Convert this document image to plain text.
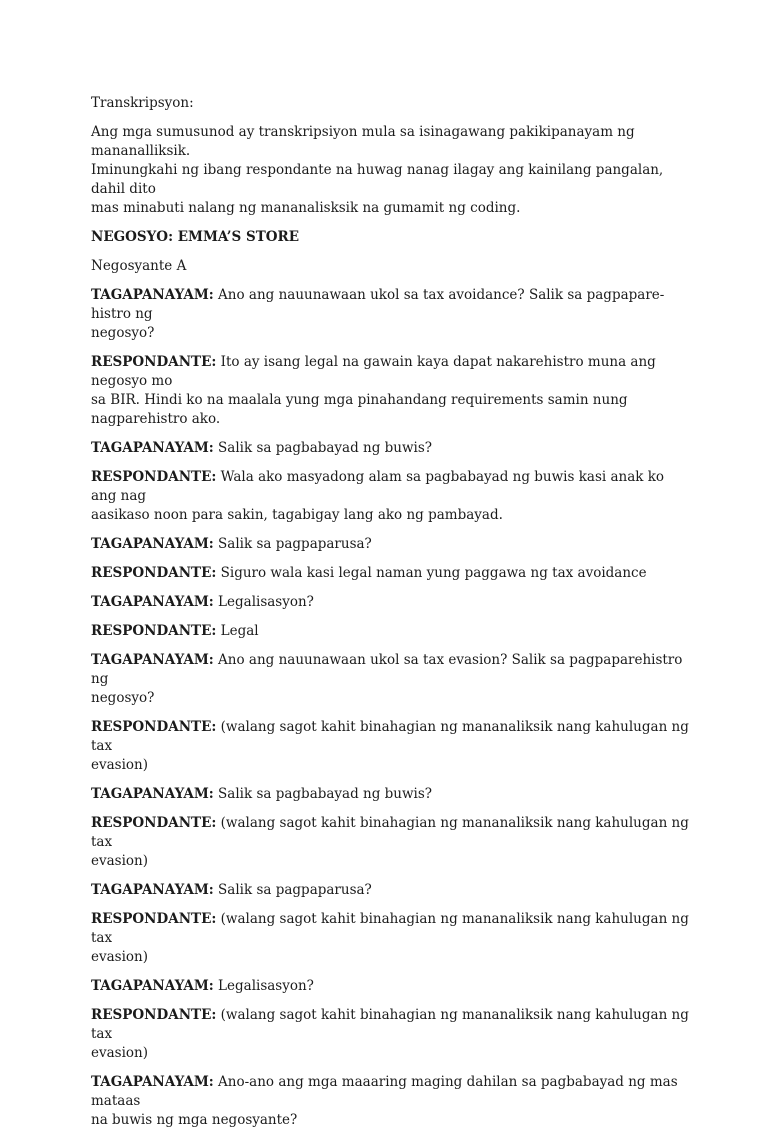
Transkripsyon:

Ang mga sumusunod ay transkripsiyon mula sa isinagawang pakikipanayam ng mananalliksik.
Iminungkahi ng ibang respondante na huwag nanag ilagay ang kainilang pangalan, dahil dito
mas minabuti nalang ng mananalisksik na gumamit ng coding.

NEGOSYO: EMMA’S STORE

Negosyante A

TAGAPANAYAM: Ano ang nauunawaan ukol sa tax avoidance? Salik sa pagpaparehistro ng
negosyo?

RESPONDANTE: Ito ay isang legal na gawain kaya dapat nakarehistro muna ang negosyo mo
sa BIR. Hindi ko na maalala yung mga pinahandang requirements samin nung nagparehistro ako.

TAGAPANAYAM: Salik sa pagbabayad ng buwis?

RESPONDANTE: Wala ako masyadong alam sa pagbabayad ng buwis kasi anak ko ang nag
aasikaso noon para sakin, tagabigay lang ako ng pambayad.

TAGAPANAYAM: Salik sa pagpaparusa?

RESPONDANTE: Siguro wala kasi legal naman yung paggawa ng tax avoidance

TAGAPANAYAM: Legalisasyon?

RESPONDANTE: Legal

TAGAPANAYAM: Ano ang nauunawaan ukol sa tax evasion? Salik sa pagpaparehistro ng
negosyo?

RESPONDANTE: (walang sagot kahit binahagian ng mananaliksik nang kahulugan ng tax
evasion)

TAGAPANAYAM: Salik sa pagbabayad ng buwis?

RESPONDANTE: (walang sagot kahit binahagian ng mananaliksik nang kahulugan ng tax
evasion)

TAGAPANAYAM: Salik sa pagpaparusa?

RESPONDANTE: (walang sagot kahit binahagian ng mananaliksik nang kahulugan ng tax
evasion)

TAGAPANAYAM: Legalisasyon?

RESPONDANTE: (walang sagot kahit binahagian ng mananaliksik nang kahulugan ng tax
evasion)

TAGAPANAYAM: Ano-ano ang mga maaaring maging dahilan sa pagbabayad ng mas mataas
na buwis ng mga negosyante?
